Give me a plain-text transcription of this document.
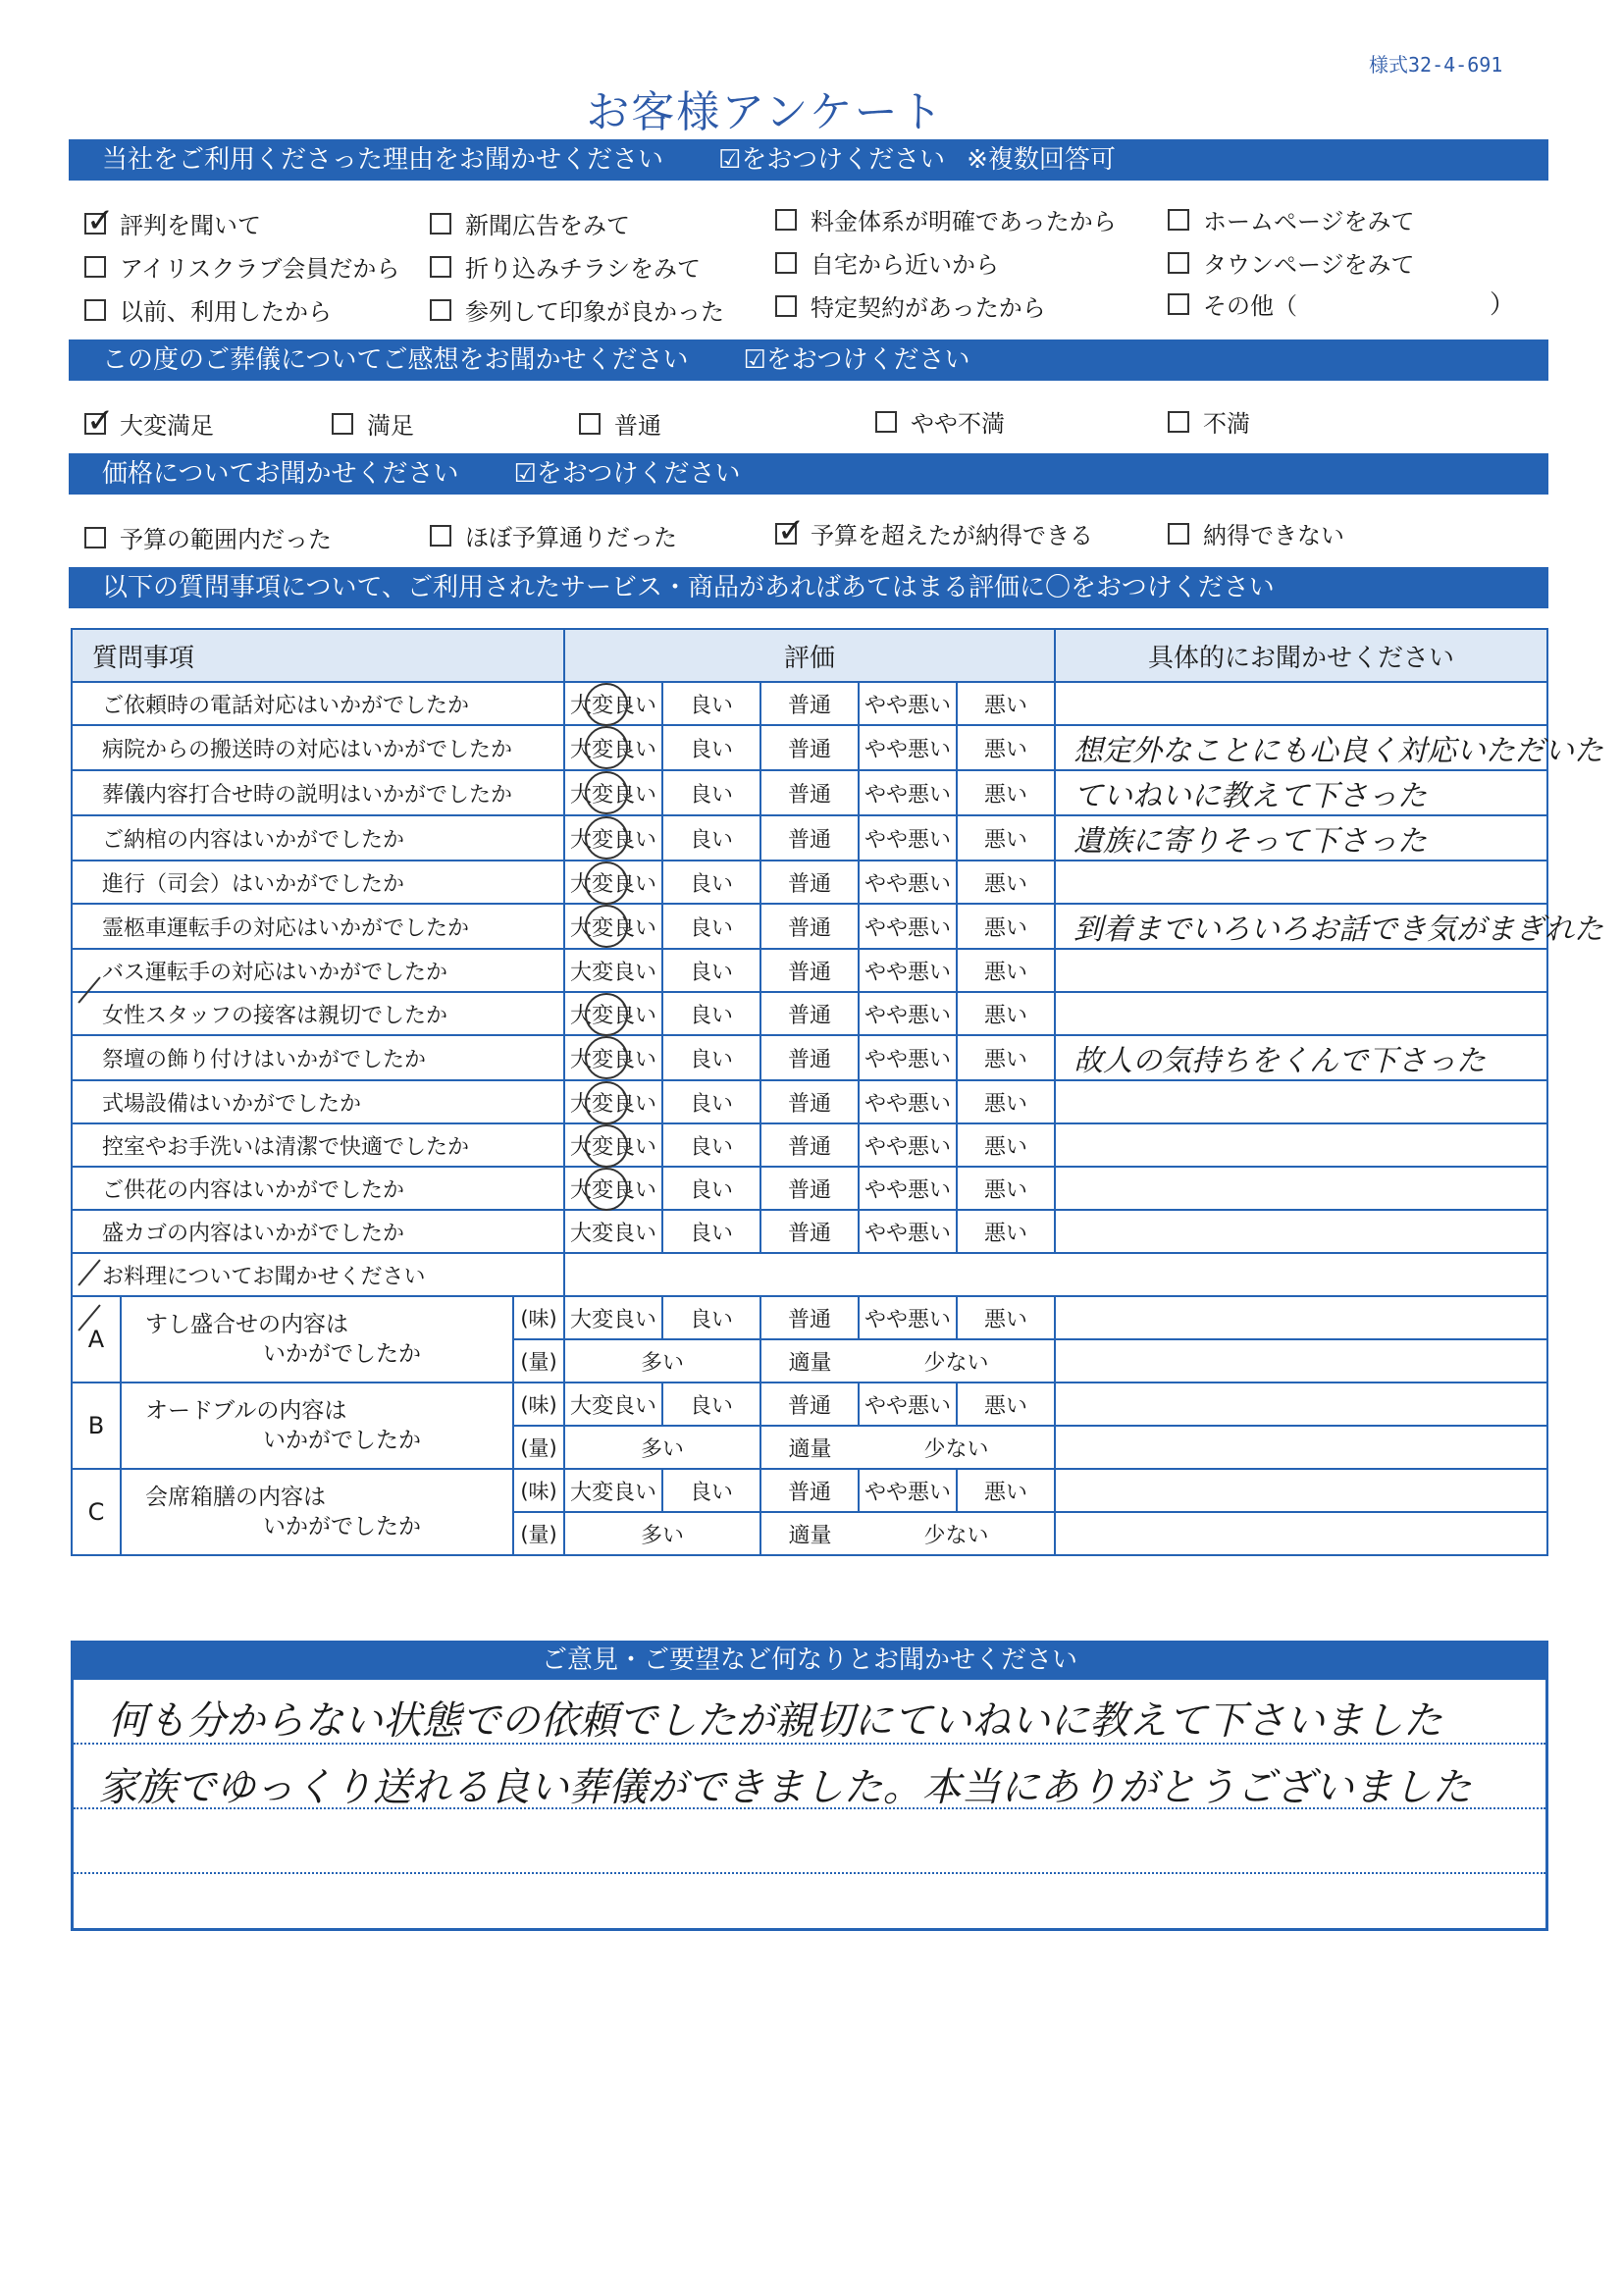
様式32-4-691
お客様アンケート
当社をご利用くださった理由をお聞かせください ☑をおつけください ※複数回答可
✓
評判を聞いて
アイリスクラブ会員だから
以前、利用したから
新聞広告をみて
折り込みチラシをみて
参列して印象が良かった
料金体系が明確であったから
自宅から近いから
特定契約があったから
ホームページをみて
タウンページをみて
その他（	）
この度のご葬儀についてご感想をお聞かせください ☑をおつけください
✓
大変満足	満足	普通	やや不満	不満
価格についてお聞かせください ☑をおつけください
予算の範囲内だった	ほぼ予算通りだった ✓	予算を超えたが納得できる	納得できない
以下の質問事項について、ご利用されたサービス・商品があればあてはまる評価に〇をおつけください
質問事項			評価					具体的にお聞かせください
ご依頼時の電話対応はいかがでしたか			大変良い	良い	普通	やや悪い	悪い	
病院からの搬送時の対応はいかがでしたか			大変良い	良い	普通	やや悪い	悪い	想定外なことにも心良く対応いただいた
葬儀内容打合せ時の説明はいかがでしたか			大変良い	良い	普通	やや悪い	悪い	ていねいに教えて下さった
ご納棺の内容はいかがでしたか			大変良い	良い	普通	やや悪い	悪い	遺族に寄りそって下さった
進行（司会）はいかがでしたか			大変良い	良い	普通	やや悪い	悪い	
霊柩車運転手の対応はいかがでしたか			大変良い	良い	普通	やや悪い	悪い	到着までいろいろお話でき気がまぎれた
バス運転手の対応はいかがでしたか			大変良い	良い	普通	やや悪い	悪い	
女性スタッフの接客は親切でしたか			大変良い	良い	普通	やや悪い	悪い	
祭壇の飾り付けはいかがでしたか			大変良い	良い	普通	やや悪い	悪い	故人の気持ちをくんで下さった
式場設備はいかがでしたか			大変良い	良い	普通	やや悪い	悪い	
控室やお手洗いは清潔で快適でしたか			大変良い	良い	普通	やや悪い	悪い	
ご供花の内容はいかがでしたか			大変良い	良い	普通	やや悪い	悪い	
盛カゴの内容はいかがでしたか			大変良い	良い	普通	やや悪い	悪い	
お料理についてお聞かせください								
A	すし盛合せの内容は
いかがでしたか	(味)	大変良い	良い	普通	やや悪い	悪い	
		(量)	多い		適量	少ない		
B	オードブルの内容は
いかがでしたか	(味)	大変良い	良い	普通	やや悪い	悪い	
		(量)	多い		適量	少ない		
C	会席箱膳の内容は
いかがでしたか	(味)	大変良い	良い	普通	やや悪い	悪い	
		(量)	多い		適量	少ない		
ご意見・ご要望など何なりとお聞かせください
何も分からない状態での依頼でしたが親切にていねいに教えて下さいました
家族でゆっくり送れる良い葬儀ができました。本当にありがとうございました
